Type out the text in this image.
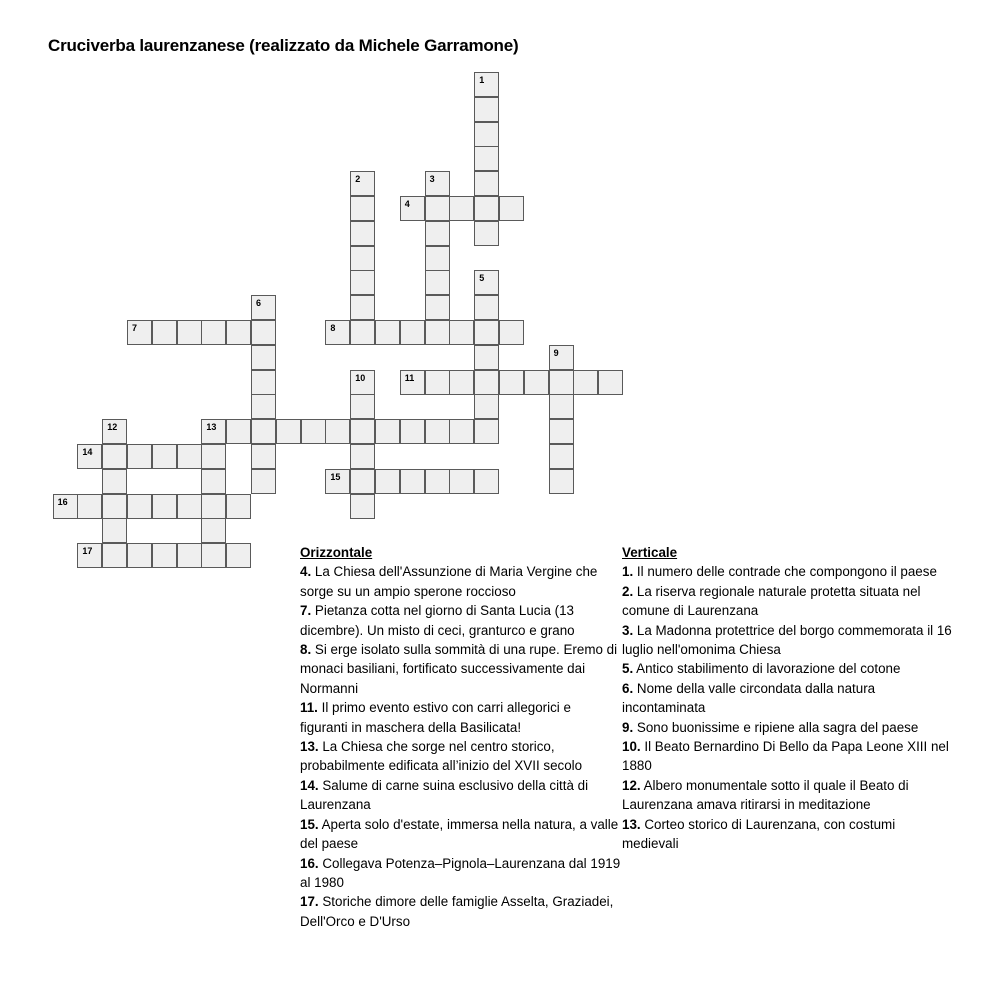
Cruciverba laurenzanese (realizzato da Michele Garramone)
1
2	3
4
5
6
7	8
9
10	11
12	13
14
15
16
17	Orizzontale
4. La Chiesa dell'Assunzione di Maria Vergine che sorge su un ampio sperone roccioso
7. Pietanza cotta nel giorno di Santa Lucia (13 dicembre). Un misto di ceci, granturco e grano
8. Si erge isolato sulla sommità di una rupe. Eremo di monaci basiliani, fortificato successivamente dai Normanni
11. Il primo evento estivo con carri allegorici e figuranti in maschera della Basilicata!
13. La Chiesa che sorge nel centro storico, probabilmente edificata all’inizio del XVII secolo
14. Salume di carne suina esclusivo della città di Laurenzana
15. Aperta solo d'estate, immersa nella natura, a valle del paese
16. Collegava Potenza–Pignola–Laurenzana dal 1919 al 1980
17. Storiche dimore delle famiglie Asselta, Graziadei, Dell'Orco e D'Urso
Verticale
1. Il numero delle contrade che compongono il paese
2. La riserva regionale naturale protetta situata nel comune di Laurenzana
3. La Madonna protettrice del borgo commemorata il 16 luglio nell'omonima Chiesa
5. Antico stabilimento di lavorazione del cotone
6. Nome della valle circondata dalla natura incontaminata
9. Sono buonissime e ripiene alla sagra del paese
10. Il Beato Bernardino Di Bello da Papa Leone XIII nel 1880
12. Albero monumentale sotto il quale il Beato di Laurenzana amava ritirarsi in meditazione
13. Corteo storico di Laurenzana, con costumi medievali
